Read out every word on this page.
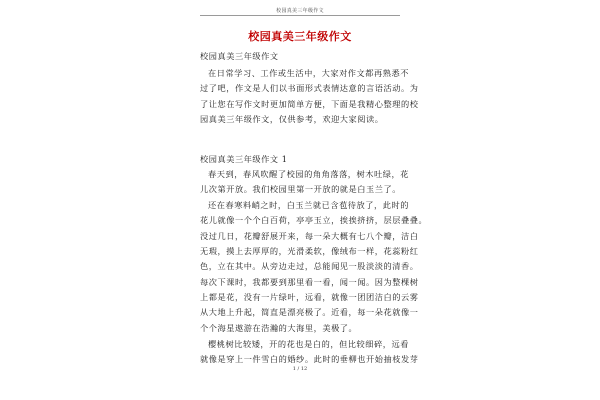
校园真美三年级作文
校园真美三年级作文
校园真美三年级作文
在日常学习、工作或生活中，大家对作文都再熟悉不
过了吧，作文是人们以书面形式表情达意的言语活动。为
了让您在写作文时更加简单方便，下面是我精心整理的校
园真美三年级作文，仅供参考，欢迎大家阅读。
校园真美三年级作文 1
春天到，春风吹醒了校园的角角落落，树木吐绿，花
儿次第开放。我们校园里第一开放的就是白玉兰了。
还在春寒料峭之时，白玉兰就已含苞待放了，此时的
花儿就像一个个白百荷，亭亭玉立，挨挨挤挤，层层叠叠。
没过几日，花瓣舒展开来，每一朵大概有七八个瓣，洁白
无瑕，摸上去厚厚的，光滑柔软，像绒布一样，花蕊粉红
色，立在其中。从旁边走过，总能闻见一股淡淡的清香。
每次下课时，我都要到那里看一看，闻一闻。因为整棵树
上都是花，没有一片绿叶，远看，就像一团团洁白的云雾
从大地上升起，简直是漂亮极了。近看，每一朵花就像一
个个海星遨游在浩瀚的大海里，美极了。
樱桃树比较矮，开的花也是白的，但比较细碎，远看
就像是穿上一件雪白的婚纱。此时的垂柳也开始抽枝发芽
1 / 12
